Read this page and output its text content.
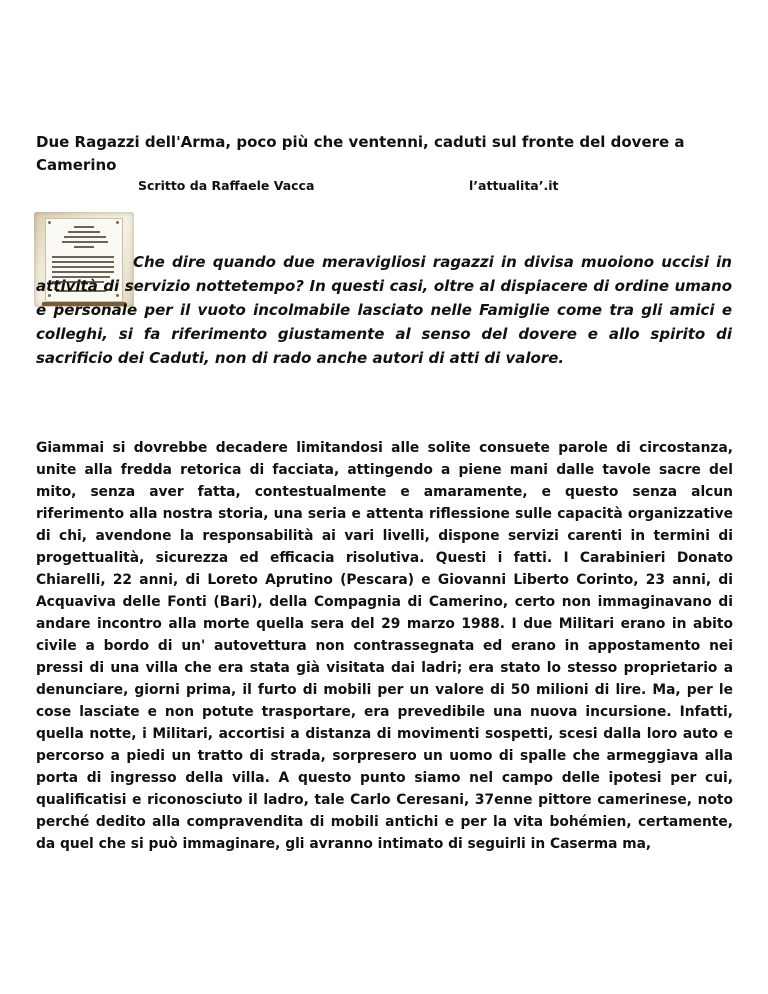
Due Ragazzi dell'Arma, poco più che ventenni, caduti sul fronte del dovere a Camerino
Scritto da Raffaele Vacca	l’attualita’.it

Che dire quando due meravigliosi ragazzi in divisa muoiono uccisi in attività di servizio nottetempo? In questi casi, oltre al dispiacere di ordine umano e personale per il vuoto incolmabile lasciato nelle Famiglie come tra gli amici e colleghi, si fa riferimento giustamente al senso del dovere e allo spirito di sacrificio dei Caduti, non di rado anche autori di atti di valore.

Giammai si dovrebbe decadere limitandosi alle solite consuete parole di circostanza, unite alla fredda retorica di facciata, attingendo a piene mani dalle tavole sacre del mito, senza aver fatta, contestualmente e amaramente, e questo senza alcun riferimento alla nostra storia, una seria e attenta riflessione sulle capacità organizzative di chi, avendone la responsabilità ai vari livelli, dispone servizi carenti in termini di progettualità, sicurezza ed efficacia risolutiva. Questi i fatti. I Carabinieri Donato Chiarelli, 22 anni, di Loreto Aprutino (Pescara) e Giovanni Liberto Corinto, 23 anni, di Acquaviva delle Fonti (Bari), della Compagnia di Camerino, certo non immaginavano di andare incontro alla morte quella sera del 29 marzo 1988. I due Militari erano in abito civile a bordo di un' autovettura non contrassegnata ed erano in appostamento nei pressi di una villa che era stata già visitata dai ladri; era stato lo stesso proprietario a denunciare, giorni prima, il furto di mobili per un valore di 50 milioni di lire. Ma, per le cose lasciate e non potute trasportare, era prevedibile una nuova incursione. Infatti, quella notte, i Militari, accortisi a distanza di movimenti sospetti, scesi dalla loro auto e percorso a piedi un tratto di strada, sorpresero un uomo di spalle che armeggiava alla porta di ingresso della villa. A questo punto siamo nel campo delle ipotesi per cui, qualificatisi e riconosciuto il ladro, tale Carlo Ceresani, 37enne pittore camerinese, noto perché dedito alla compravendita di mobili antichi e per la vita bohémien, certamente, da quel che si può immaginare, gli avranno intimato di seguirli in Caserma ma,
